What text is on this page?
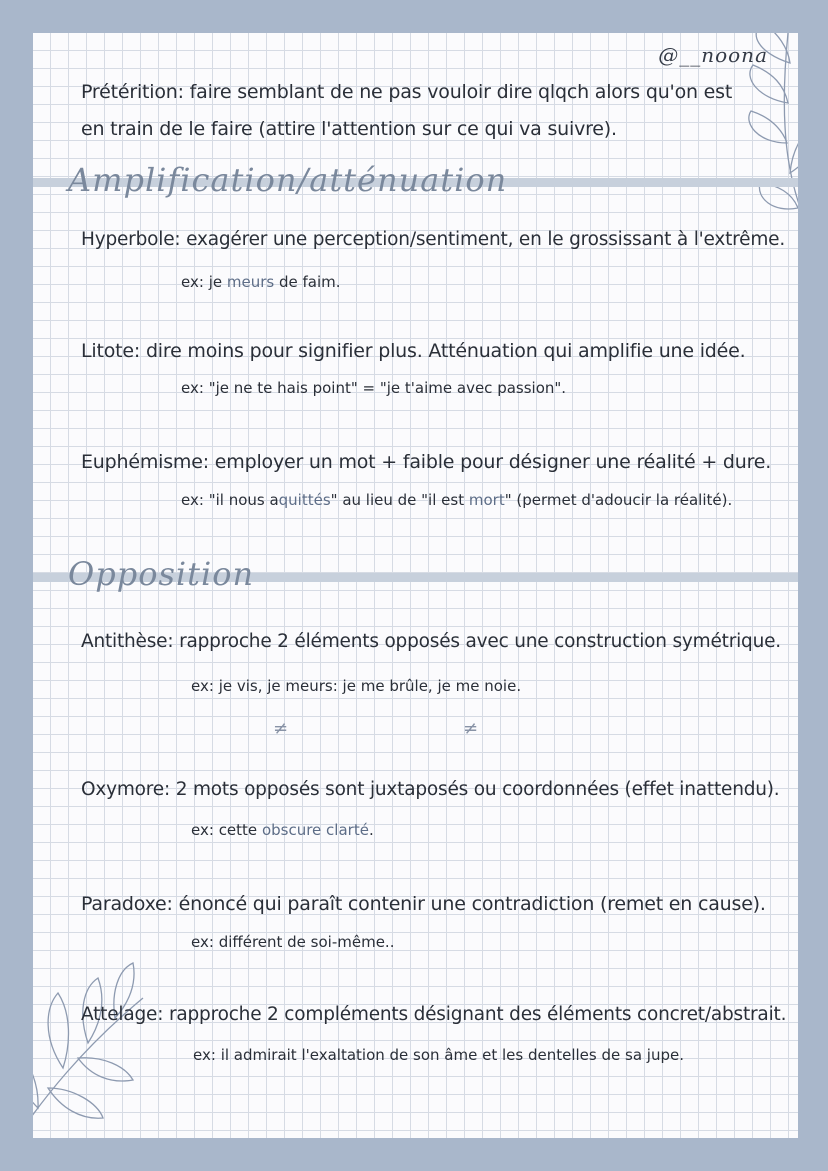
@__noona
Prétérition: faire semblant de ne pas vouloir dire qlqch alors qu'on est
en train de le faire (attire l'attention sur ce qui va suivre).
Amplification/atténuation
Hyperbole: exagérer une perception/sentiment, en le grossissant à l'extrême.
ex: je meurs de faim.
Litote: dire moins pour signifier plus. Atténuation qui amplifie une idée.
ex: "je ne te hais point" = "je t'aime avec passion".
Euphémisme: employer un mot + faible pour désigner une réalité + dure.
ex: "il nous aquittés" au lieu de "il est mort" (permet d'adoucir la réalité).
Opposition
Antithèse: rapproche 2 éléments opposés avec une construction symétrique.
ex: je vis, je meurs: je me brûle, je me noie.
≠	≠
Oxymore: 2 mots opposés sont juxtaposés ou coordonnées (effet inattendu).
ex: cette obscure clarté.
Paradoxe: énoncé qui paraît contenir une contradiction (remet en cause).
ex: différent de soi-même..
Attelage: rapproche 2 compléments désignant des éléments concret/abstrait.
ex: il admirait l'exaltation de son âme et les dentelles de sa jupe.
